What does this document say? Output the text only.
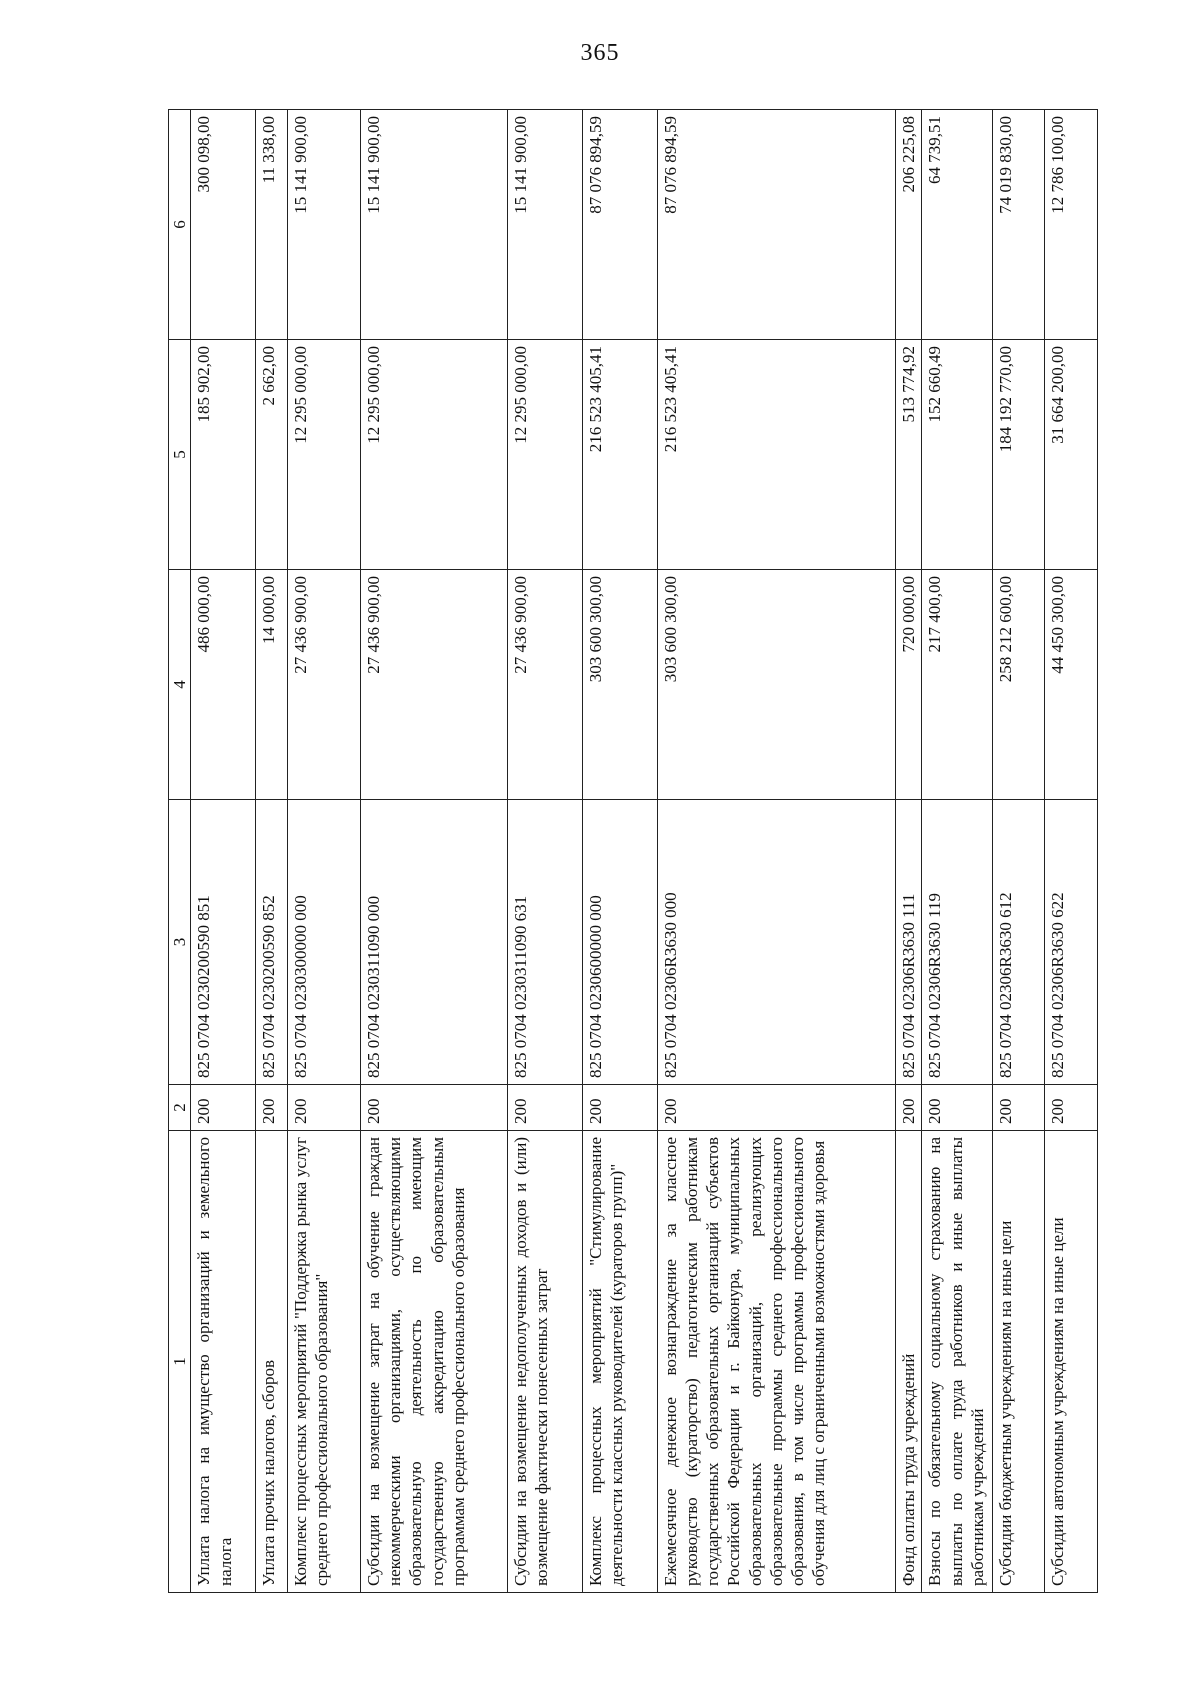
365
1	2	3	4	5	6
Уплата налога на имущество организаций и земельного налога	200	825 0704 0230200590 851	486 000,00	185 902,00	300 098,00
Уплата прочих налогов, сборов	200	825 0704 0230200590 852	14 000,00	2 662,00	11 338,00
Комплекс процессных мероприятий "Поддержка рынка услуг среднего профессионального образования"	200	825 0704 0230300000 000	27 436 900,00	12 295 000,00	15 141 900,00
Субсидии на возмещение затрат на обучение граждан некоммерческими организациями, осуществляющими образовательную деятельность по имеющим государственную аккредитацию образовательным программам среднего профессионального образования	200	825 0704 0230311090 000	27 436 900,00	12 295 000,00	15 141 900,00
Субсидии на возмещение недополученных доходов и (или) возмещение фактически понесенных затрат	200	825 0704 0230311090 631	27 436 900,00	12 295 000,00	15 141 900,00
Комплекс процессных мероприятий "Стимулирование деятельности классных руководителей (кураторов групп)"	200	825 0704 0230600000 000	303 600 300,00	216 523 405,41	87 076 894,59
Ежемесячное денежное вознаграждение за классное руководство (кураторство) педагогическим работникам государственных образовательных организаций субъектов Российской Федерации и г. Байконура, муниципальных образовательных организаций, реализующих образовательные программы среднего профессионального образования, в том числе программы профессионального обучения для лиц с ограниченными возможностями здоровья	200	825 0704 02306R3630 000	303 600 300,00	216 523 405,41	87 076 894,59
Фонд оплаты труда учреждений	200	825 0704 02306R3630 111	720 000,00	513 774,92	206 225,08
Взносы по обязательному социальному страхованию на выплаты по оплате труда работников и иные выплаты работникам учреждений	200	825 0704 02306R3630 119	217 400,00	152 660,49	64 739,51
Субсидии бюджетным учреждениям на иные цели	200	825 0704 02306R3630 612	258 212 600,00	184 192 770,00	74 019 830,00
Субсидии автономным учреждениям на иные цели	200	825 0704 02306R3630 622	44 450 300,00	31 664 200,00	12 786 100,00
